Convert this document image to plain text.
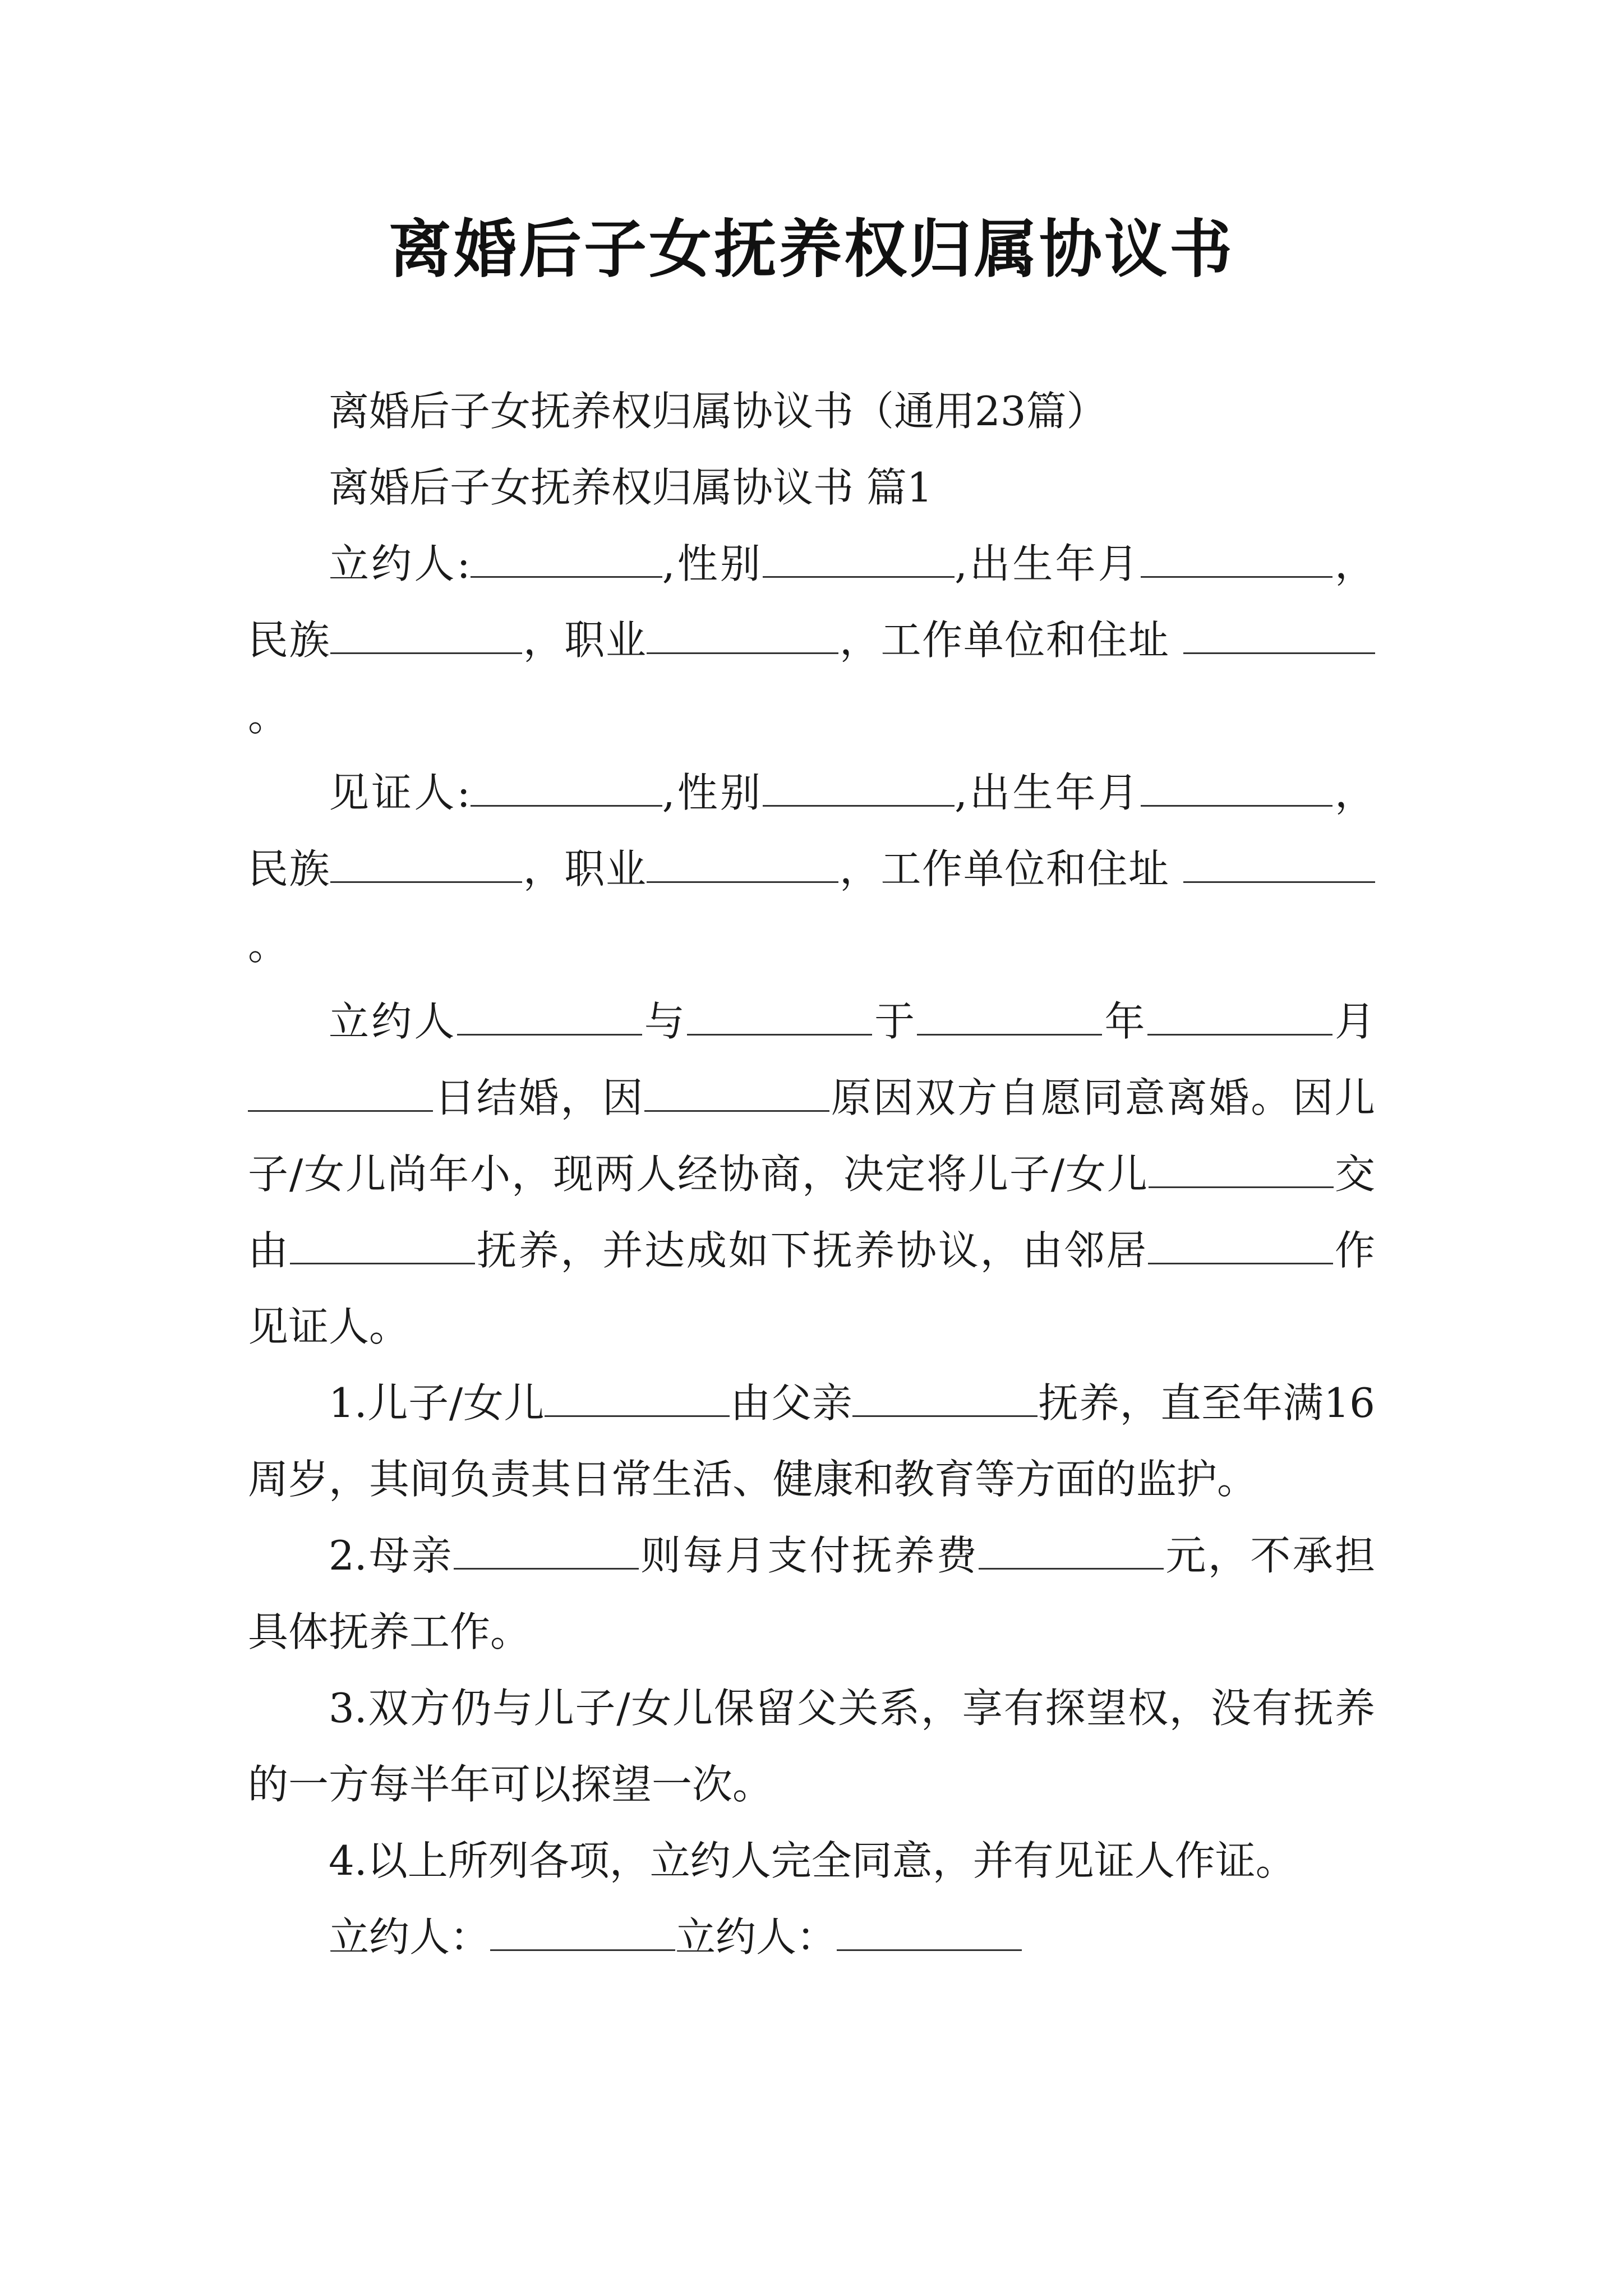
离婚后子女抚养权归属协议书

离婚后子女抚养权归属协议书（通用23篇）

离婚后子女抚养权归属协议书 篇1

立约人:	,性别	,出生年月	，民族	，职业	，工作单位和住址 。

见证人:	,性别	,出生年月	，民族	，职业	，工作单位和住址 。

立约人	与	于	年	月日结婚，因	原因双方自愿同意离婚。因儿子/女儿尚年小，现两人经协商，决定将儿子/女儿	交由	抚养，并达成如下抚养协议，由邻居	作见证人。

1.儿子/女儿	由父亲	抚养，直至年满16周岁，其间负责其日常生活、健康和教育等方面的监护。

2.母亲	则每月支付抚养费	元，不承担具体抚养工作。

3.双方仍与儿子/女儿保留父关系，享有探望权，没有抚养的一方每半年可以探望一次。

4.以上所列各项，立约人完全同意，并有见证人作证。

立约人：	立约人：
